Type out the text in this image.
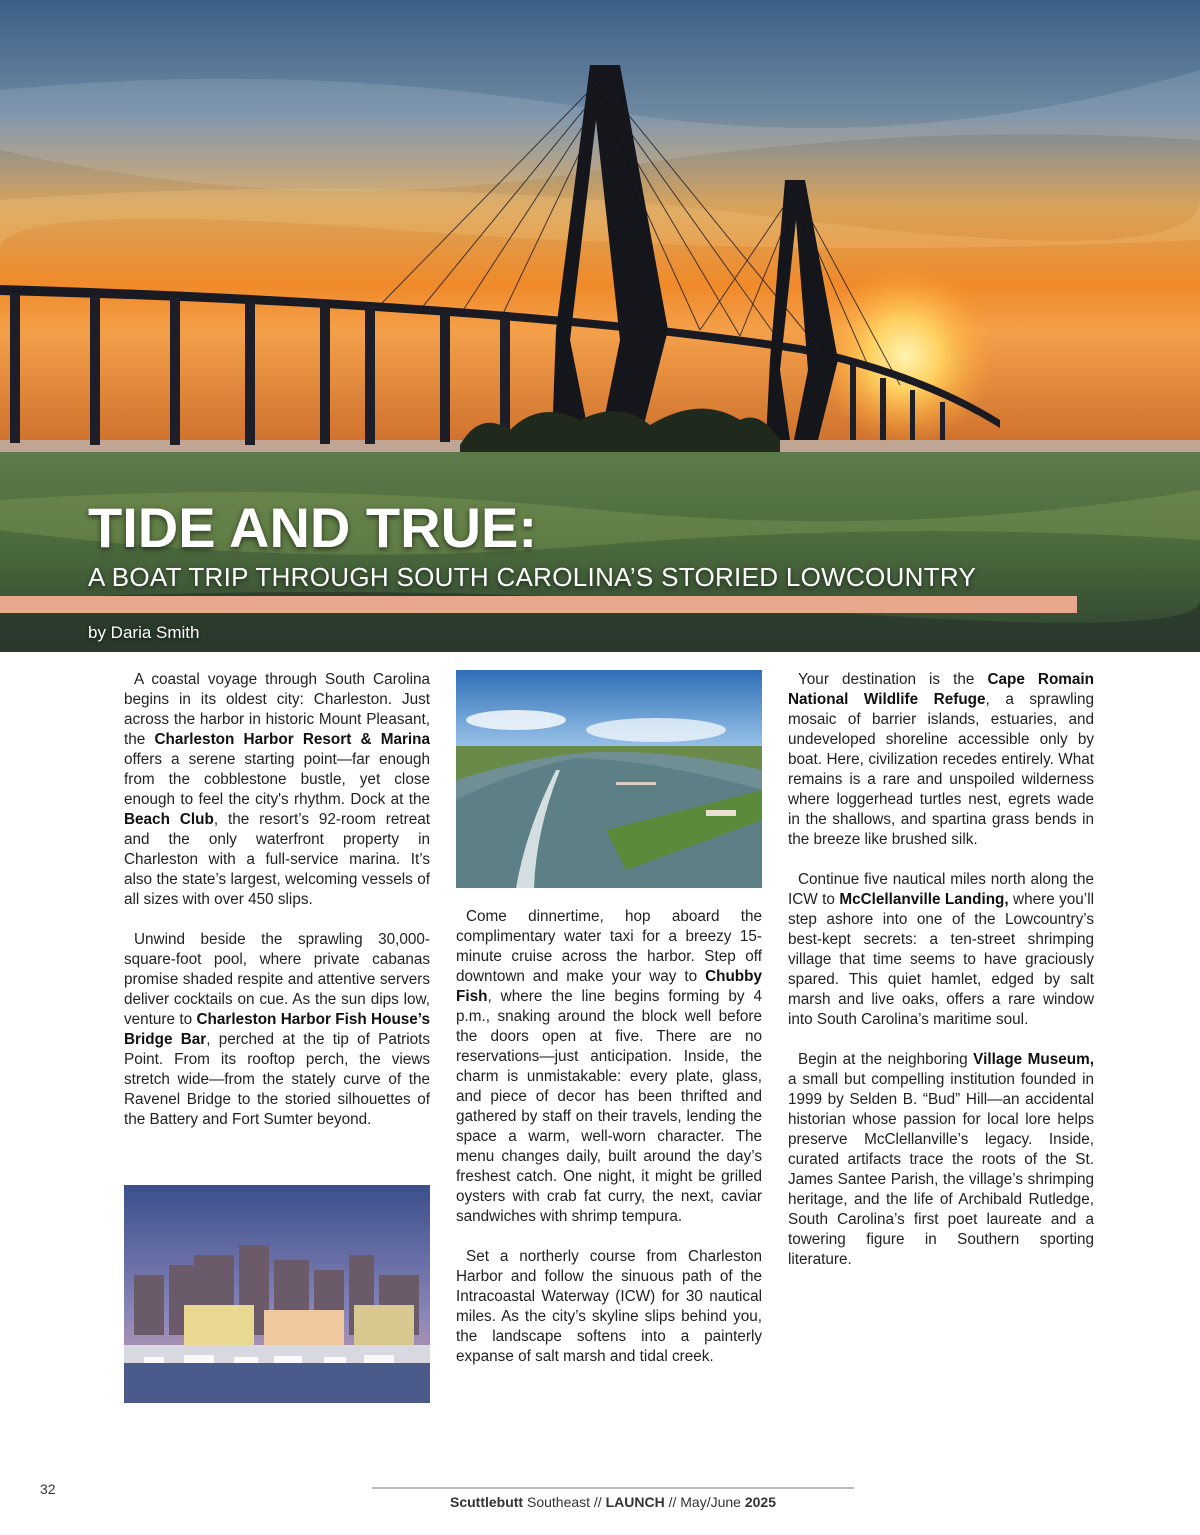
TIDE AND TRUE:
A BOAT TRIP THROUGH SOUTH CAROLINA’S STORIED LOWCOUNTRY
by Daria Smith

A coastal voyage through South Carolina begins in its oldest city: Charleston. Just across the harbor in historic Mount Pleasant, the Charleston Harbor Resort & Marina offers a serene starting point—far enough from the cobblestone bustle, yet close enough to feel the city's rhythm. Dock at the Beach Club, the resort’s 92-room retreat and the only waterfront property in Charleston with a full-service marina. It’s also the state’s largest, welcoming vessels of all sizes with over 450 slips.

Unwind beside the sprawling 30,000-square-foot pool, where private cabanas promise shaded respite and attentive servers deliver cocktails on cue. As the sun dips low, venture to Charleston Harbor Fish House’s Bridge Bar, perched at the tip of Patriots Point. From its rooftop perch, the views stretch wide—from the stately curve of the Ravenel Bridge to the storied silhouettes of the Battery and Fort Sumter beyond.

Come dinnertime, hop aboard the complimentary water taxi for a breezy 15-minute cruise across the harbor. Step off downtown and make your way to Chubby Fish, where the line begins forming by 4 p.m., snaking around the block well before the doors open at five. There are no reservations—just anticipation. Inside, the charm is unmistakable: every plate, glass, and piece of decor has been thrifted and gathered by staff on their travels, lending the space a warm, well-worn character. The menu changes daily, built around the day’s freshest catch. One night, it might be grilled oysters with crab fat curry, the next, caviar sandwiches with shrimp tempura.

Set a northerly course from Charleston Harbor and follow the sinuous path of the Intracoastal Waterway (ICW) for 30 nautical miles. As the city’s skyline slips behind you, the landscape softens into a painterly expanse of salt marsh and tidal creek.

Your destination is the Cape Romain National Wildlife Refuge, a sprawling mosaic of barrier islands, estuaries, and undeveloped shoreline accessible only by boat. Here, civilization recedes entirely. What remains is a rare and unspoiled wilderness where loggerhead turtles nest, egrets wade in the shallows, and spartina grass bends in the breeze like brushed silk.

Continue five nautical miles north along the ICW to McClellanville Landing, where you’ll step ashore into one of the Lowcountry’s best-kept secrets: a ten-street shrimping village that time seems to have graciously spared. This quiet hamlet, edged by salt marsh and live oaks, offers a rare window into South Carolina’s maritime soul.

Begin at the neighboring Village Museum, a small but compelling institution founded in 1999 by Selden B. “Bud” Hill—an accidental historian whose passion for local lore helps preserve McClellanville’s legacy. Inside, curated artifacts trace the roots of the St. James Santee Parish, the village’s shrimping heritage, and the life of Archibald Rutledge, South Carolina’s first poet laureate and a towering figure in Southern sporting literature.

32
Scuttlebutt Southeast // LAUNCH // May/June 2025
